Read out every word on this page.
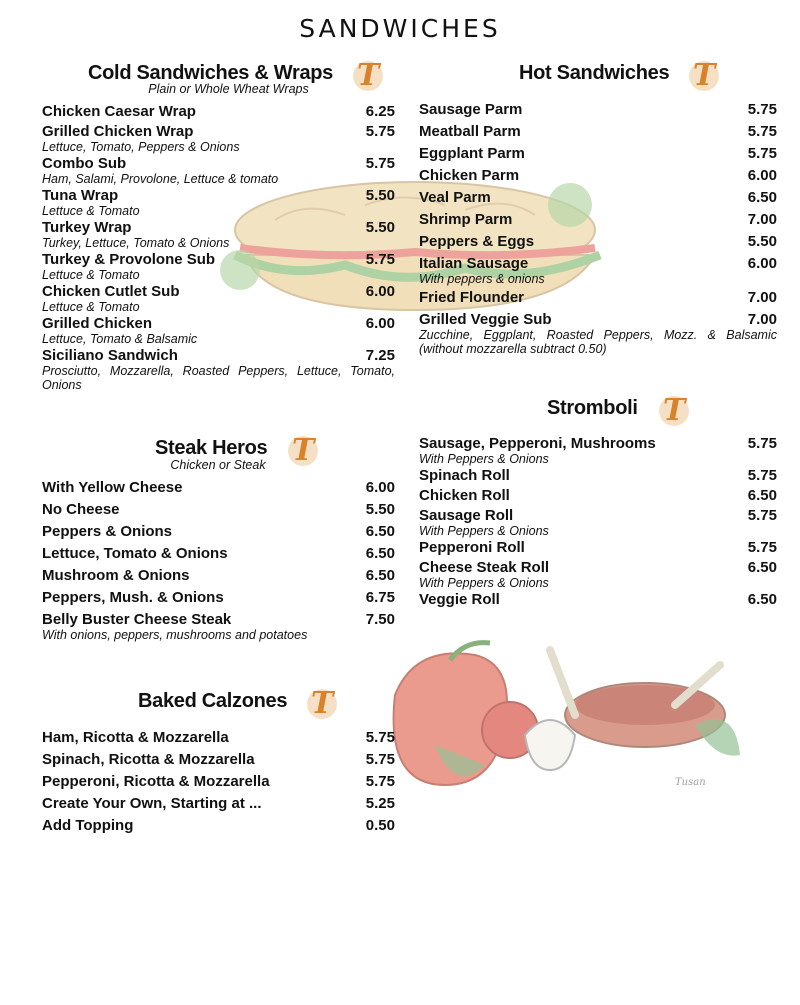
Tusan
SANDWICHES
Cold Sandwiches & Wraps T
Plain or Whole Wheat Wraps
Chicken Caesar Wrap	6.25
Grilled Chicken Wrap	5.75
Lettuce, Tomato, Peppers & Onions
Combo Sub	5.75
Ham, Salami, Provolone, Lettuce & tomato
Tuna Wrap	5.50
Lettuce & Tomato
Turkey Wrap	5.50
Turkey, Lettuce, Tomato & Onions
Turkey & Provolone Sub	5.75
Lettuce & Tomato
Chicken Cutlet Sub	6.00
Lettuce & Tomato
Grilled Chicken	6.00
Lettuce, Tomato & Balsamic
Siciliano Sandwich	7.25
Prosciutto, Mozzarella, Roasted Peppers, Lettuce, Tomato, Onions
Hot Sandwiches T
Sausage Parm	5.75
Meatball Parm	5.75
Eggplant Parm	5.75
Chicken Parm	6.00
Veal Parm	6.50
Shrimp Parm	7.00
Peppers & Eggs	5.50
Italian Sausage	6.00
With peppers & onions
Fried Flounder	7.00
Grilled Veggie Sub	7.00
Zucchine, Eggplant, Roasted Peppers, Mozz. & Balsamic (without mozzarella subtract 0.50)
Steak Heros T
Chicken or Steak
With Yellow Cheese	6.00
No Cheese	5.50
Peppers & Onions	6.50
Lettuce, Tomato & Onions	6.50
Mushroom & Onions	6.50
Peppers, Mush. & Onions	6.75
Belly Buster Cheese Steak	7.50
With onions, peppers, mushrooms and potatoes
Stromboli T
Sausage, Pepperoni, Mushrooms	5.75
With Peppers & Onions
Spinach Roll	5.75
Chicken Roll	6.50
Sausage Roll	5.75
With Peppers & Onions
Pepperoni Roll	5.75
Cheese Steak Roll	6.50
With Peppers & Onions
Veggie Roll	6.50
Baked Calzones T
Ham, Ricotta & Mozzarella	5.75
Spinach, Ricotta & Mozzarella	5.75
Pepperoni, Ricotta & Mozzarella	5.75
Create Your Own, Starting at ...	5.25
Add Topping	0.50
